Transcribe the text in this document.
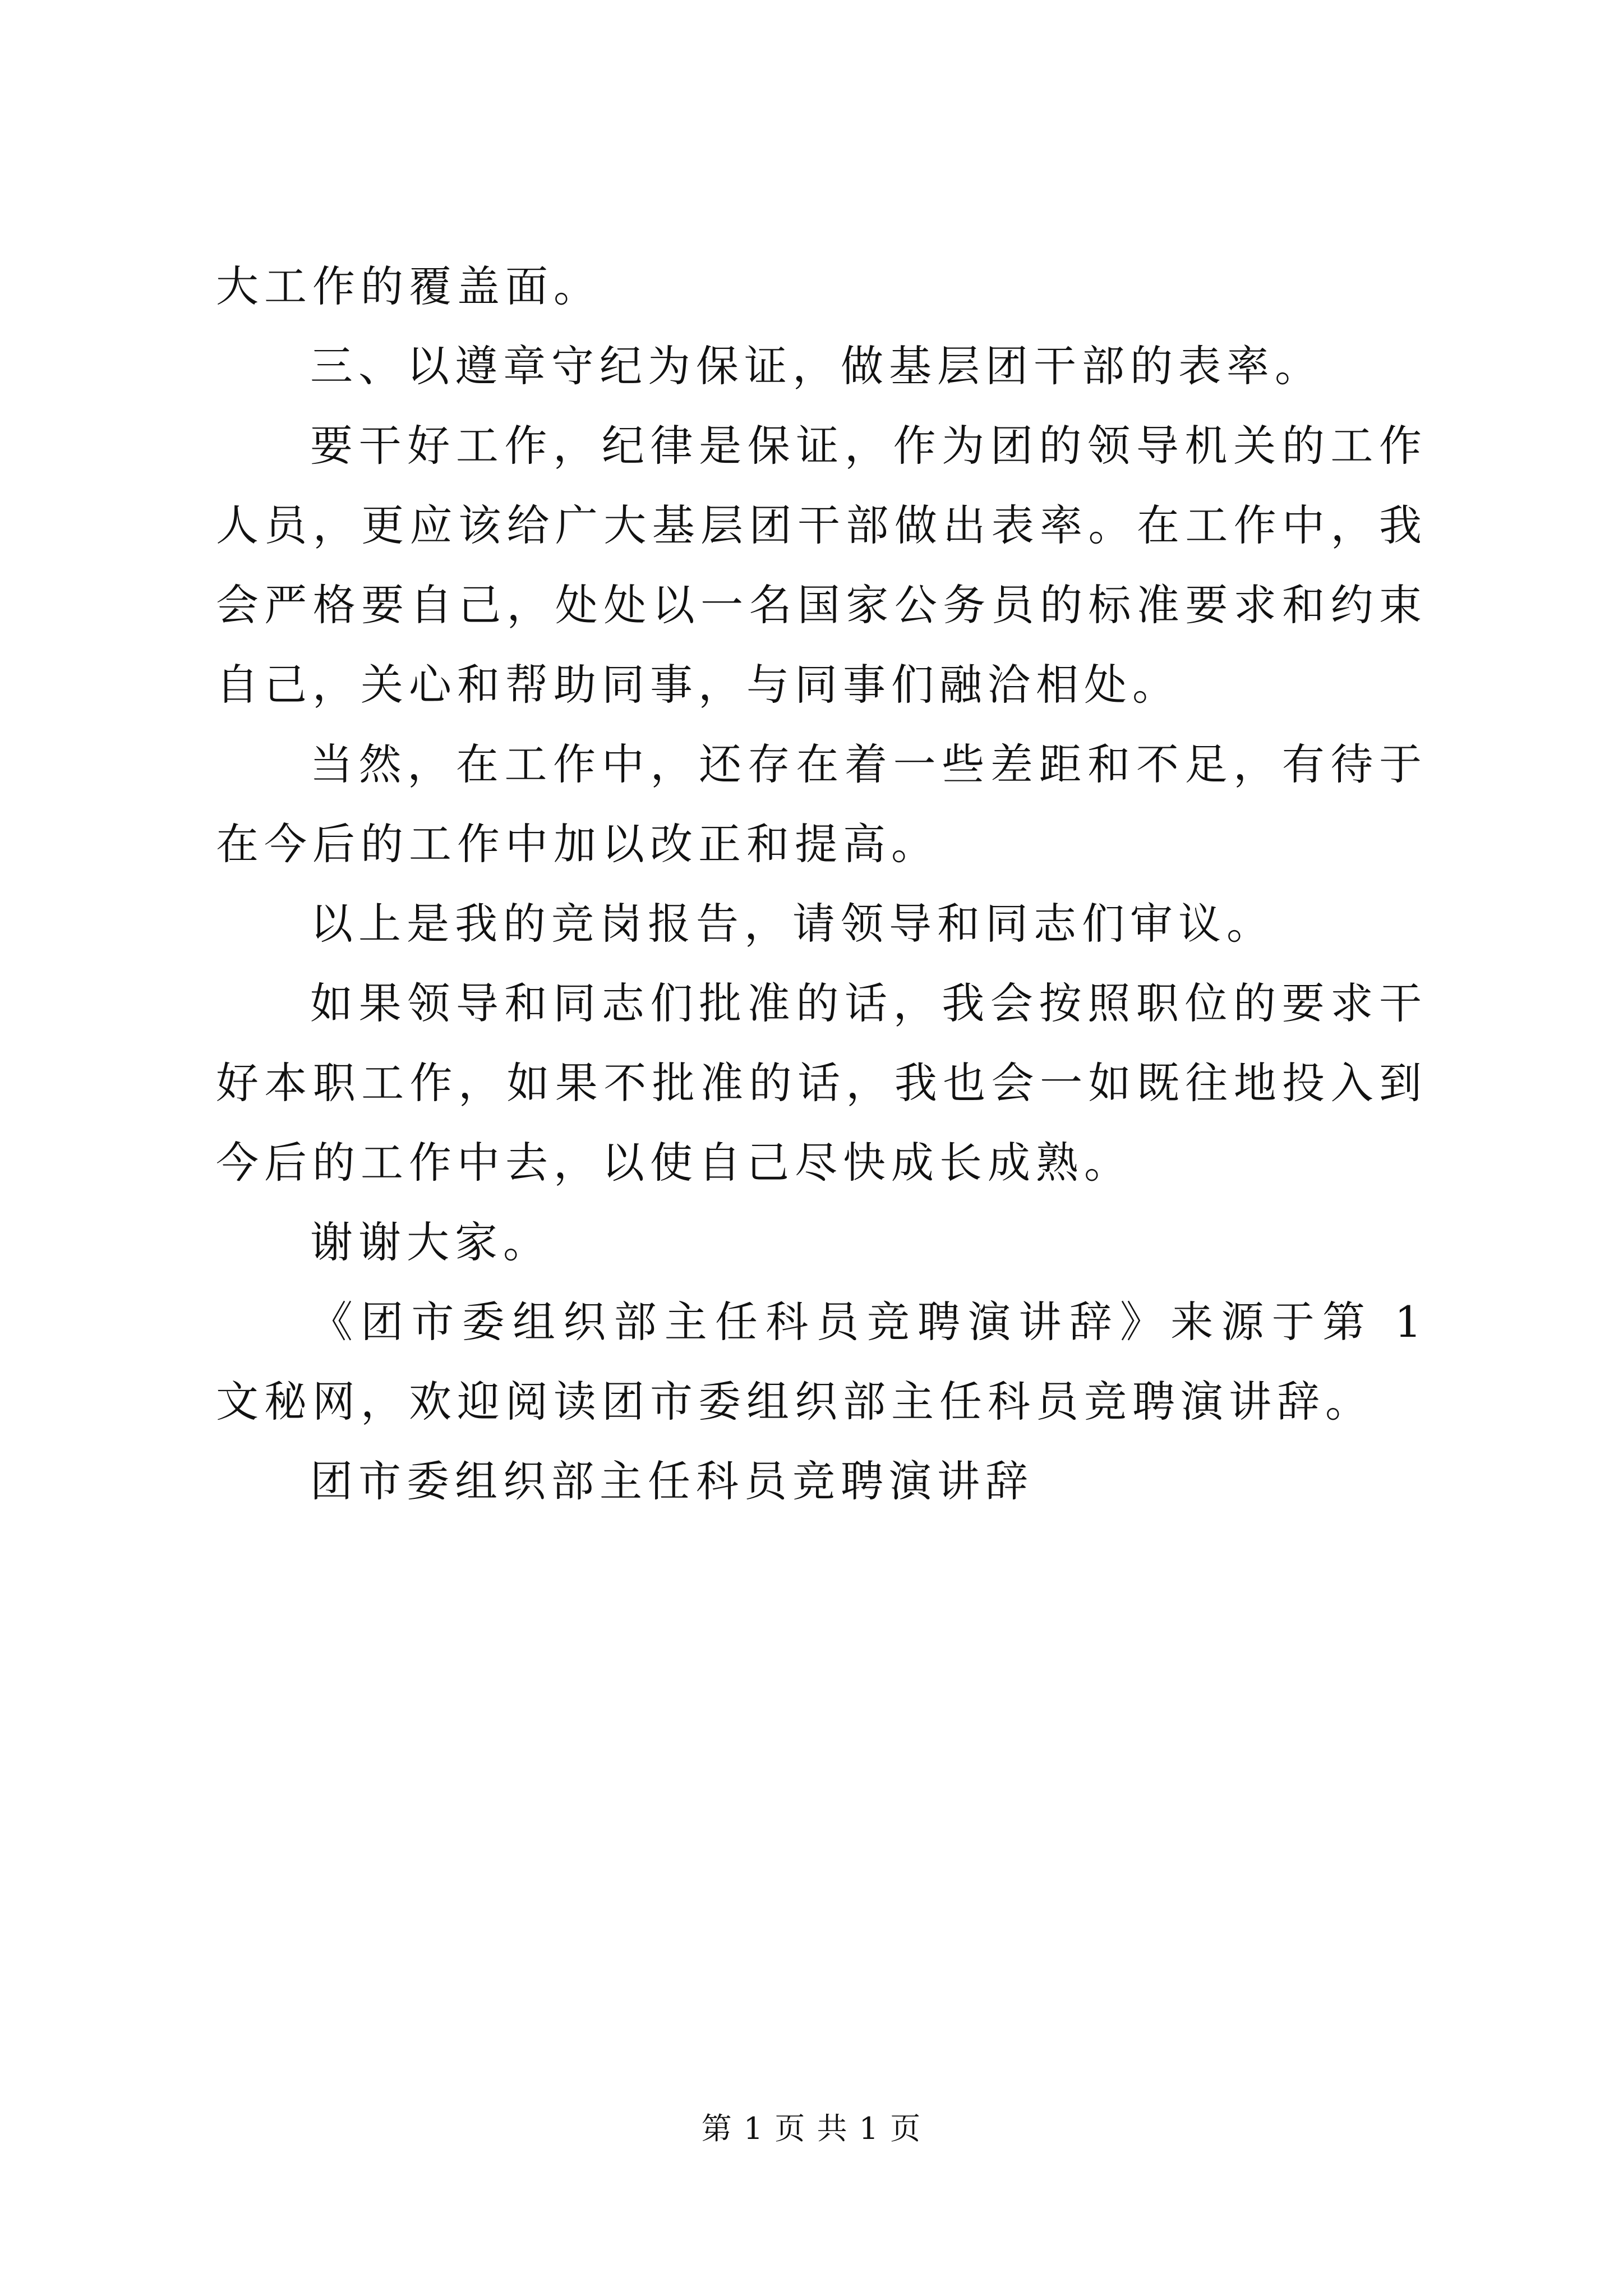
大工作的覆盖面。

三、以遵章守纪为保证，做基层团干部的表率。

要干好工作，纪律是保证，作为团的领导机关的工作人员，更应该给广大基层团干部做出表率。在工作中，我会严格要自己，处处以一名国家公务员的标准要求和约束自己，关心和帮助同事，与同事们融洽相处。

当然，在工作中，还存在着一些差距和不足，有待于在今后的工作中加以改正和提高。

以上是我的竞岗报告，请领导和同志们审议。

如果领导和同志们批准的话，我会按照职位的要求干好本职工作，如果不批准的话，我也会一如既往地投入到今后的工作中去，以使自己尽快成长成熟。

谢谢大家。

《团市委组织部主任科员竞聘演讲辞》来源于第 1 文秘网，欢迎阅读团市委组织部主任科员竞聘演讲辞。

团市委组织部主任科员竞聘演讲辞

第 1 页 共 1 页
